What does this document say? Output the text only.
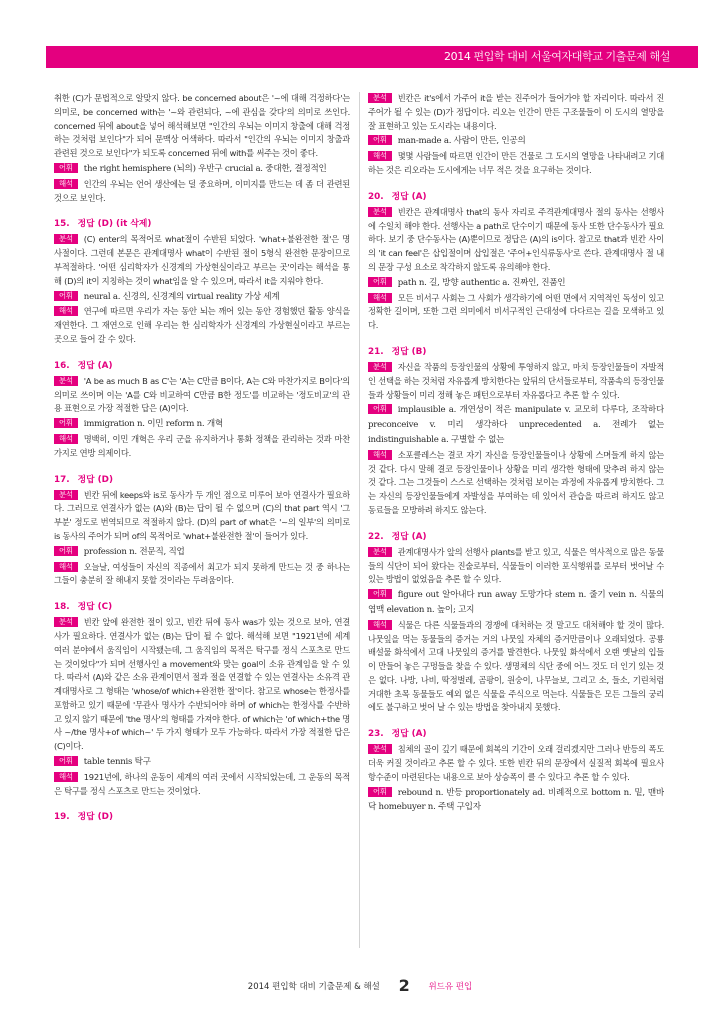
2014 편입학 대비 서울여자대학교 기출문제 해설

취한 (C)가 문법적으로 알맞지 않다. be concerned about은 '~에 대해 걱정하다'는 의미로, be concerned with는 '~와 관련되다, ~에 관심을 갖다'의 의미로 쓰인다. concerned 뒤에 about을 넣어 해석해보면 "인간의 우뇌는 이미지 창출에 대해 걱정하는 것처럼 보인다"가 되어 문맥상 어색하다. 따라서 "인간의 우뇌는 이미지 창출과 관련된 것으로 보인다"가 되도록 concerned 뒤에 with를 써주는 것이 좋다.

어휘 the right hemisphere (뇌의) 우반구 crucial a. 중대한, 결정적인

해석 인간의 우뇌는 언어 생산에는 덜 중요하며, 이미지를 만드는 데 좀 더 관련된 것으로 보인다.

15. 정답 (D) (it 삭제)

분석 (C) enter의 목적어로 what절이 수반된 되었다. 'what+불완전한 절'은 명사절이다. 그런데 본문은 관계대명사 what이 수반된 절이 5형식 완전한 문장이므로 부적절하다. '어떤 심리학자가 신경계의 가상현실이라고 부르는 곳'이라는 해석을 통해 (D)의 it이 지칭하는 것이 what임을 알 수 있으며, 따라서 it을 지워야 한다.

어휘 neural a. 신경의, 신경계의 virtual reality 가상 세계

해석 연구에 따르면 우리가 자는 동안 뇌는 깨어 있는 동안 경험했던 활동 양식을 재연한다. 그 재연으로 인해 우리는 한 심리학자가 신경계의 가상현실이라고 부르는 곳으로 들어 갈 수 있다.

16. 정답 (A)

분석 'A be as much B as C'는 'A는 C만큼 B이다, A는 C와 마찬가지로 B이다'의 의미로 쓰이며 이는 'A를 C와 비교하여 C만큼 B한 정도'를 비교하는 '정도비교'의 관용 표현으로 가장 적절한 답은 (A)이다.

어휘 immigration n. 이민 reform n. 개혁

해석 명백히, 이민 개혁은 우리 군을 유지하거나 통화 정책을 관리하는 것과 마찬가지로 연방 의제이다.

17. 정답 (D)

분석 빈칸 뒤에 keeps와 is로 동사가 두 개인 점으로 미루어 보아 연결사가 필요하다. 그러므로 연결사가 없는 (A)와 (B)는 답이 될 수 없으며 (C)의 that part 역시 '그 부분' 정도로 번역되므로 적절하지 않다. (D)의 part of what은 '~의 일부'의 의미로 is 동사의 주어가 되며 of의 목적어로 'what+불완전한 절'이 들어가 있다.

어휘 profession n. 전문직, 직업

해석 오늘날, 여성들이 자신의 직종에서 최고가 되지 못하게 만드는 것 중 하나는 그들이 충분히 잘 해내지 못할 것이라는 두려움이다.

18. 정답 (C)

분석 빈칸 앞에 완전한 절이 있고, 빈칸 뒤에 동사 was가 있는 것으로 보아, 연결사가 필요하다. 연결사가 없는 (B)는 답이 될 수 없다. 해석해 보면 "1921년에 세계 여러 분야에서 움직임이 시작됐는데, 그 움직임의 목적은 탁구를 정식 스포츠로 만드는 것이었다"가 되며 선행사인 a movement와 맞는 goal이 소유 관계임을 알 수 있다. 따라서 (A)와 같은 소유 관계이면서 절과 절을 연결할 수 있는 연결사는 소유격 관계대명사로 그 형태는 'whose/of which+완전한 절'이다. 참고로 whose는 한정사를 포함하고 있기 때문에 '무관사 명사가 수반되어야 하며 of which는 한정사를 수반하고 있지 않기 때문에 'the 명사'의 형태를 가져야 한다. of which는 'of which+the 명사 ~/the 명사+of which~' 두 가지 형태가 모두 가능하다. 따라서 가장 적절한 답은 (C)이다.

어휘 table tennis 탁구

해석 1921년에, 하나의 운동이 세계의 여러 곳에서 시작되었는데, 그 운동의 목적은 탁구를 정식 스포츠로 만드는 것이었다.

19. 정답 (D)

분석 빈칸은 it's에서 가주어 it을 받는 진주어가 들어가야 할 자리이다. 따라서 진주어가 될 수 있는 (D)가 정답이다. 리오는 인간이 만든 구조물들이 이 도시의 열망을 잘 표현하고 있는 도시라는 내용이다.

어휘 man-made a. 사람이 만든, 인공의

해석 몇몇 사람들에 따르면 인간이 만든 건물로 그 도시의 열망을 나타내려고 기대하는 것은 리오라는 도시에게는 너무 적은 것을 요구하는 것이다.

20. 정답 (A)

분석 빈칸은 관계대명사 that의 동사 자리로 주격관계대명사 절의 동사는 선행사에 수일치 해야 한다. 선행사는 a path로 단수이기 때문에 동사 또한 단수동사가 필요하다. 보기 중 단수동사는 (A)뿐이므로 정답은 (A)의 is이다. 참고로 that과 빈칸 사이의 'it can feel'은 삽입절이며 삽입절은 '주어+인식류동사'로 쓴다. 관계대명사 절 내의 문장 구성 요소로 착각하지 않도록 유의해야 한다.

어휘 path n. 길, 방향 authentic a. 진짜인, 진품인

해석 모든 비서구 사회는 그 사회가 생각하기에 어떤 면에서 지역적인 독성이 있고 정확한 길이며, 또한 그런 의미에서 비서구적인 근대성에 다다르는 길을 모색하고 있다.

21. 정답 (B)

분석 자신을 작품의 등장인물의 상황에 투영하지 않고, 마치 등장인물들이 자발적인 선택을 하는 것처럼 자유롭게 방치한다는 앞뒤의 단서들로부터, 작품속의 등장인물들과 상황들이 미리 정해 놓은 패턴으로부터 자유롭다고 추론 할 수 있다.

어휘 implausible a. 개연성이 적은 manipulate v. 교모히 다루다, 조작하다 preconceive v. 미리 생각하다 unprecedented a. 전례가 없는 indistinguishable a. 구별할 수 없는

해석 소포클레스는 결코 자기 자신을 등장인물들이나 상황에 스며들게 하지 않는 것 같다. 다시 말해 결코 등장인물이나 상황을 미리 생각한 형태에 맞추려 하지 않는 것 같다. 그는 그것들이 스스로 선택하는 것처럼 보이는 과정에 자유롭게 방치한다. 그는 자신의 등장인물들에게 자발성을 부여하는 데 있어서 관습을 따르려 하지도 않고 동료들을 모방하려 하지도 않는다.

22. 정답 (A)

분석 관계대명사가 앞의 선행사 plants를 받고 있고, 식물은 역사적으로 많은 동물들의 식단이 되어 왔다는 진술로부터, 식물들이 이러한 포식행위를 로부터 벗어날 수 있는 방법이 없었음을 추론 할 수 있다.

어휘 figure out 알아내다 run away 도망가다 stem n. 줄기 vein n. 식물의 엽맥 elevation n. 높이; 고지

해석 식물은 다른 식물들과의 경쟁에 대처하는 것 말고도 대처해야 할 것이 많다. 나뭇잎을 먹는 동물들의 증거는 거의 나뭇잎 자체의 증거만큼이나 오래되었다. 공룡 배설물 화석에서 고대 나뭇잎의 증거를 발견한다. 나뭇잎 화석에서 오랜 옛날의 입들이 만들어 놓은 구멍들을 찾을 수 있다. 생명체의 식단 중에 어느 것도 더 인기 있는 것은 없다. 나방, 나비, 딱정벌레, 곰팡이, 원숭이, 나무늘보, 그리고 소, 들소, 기린처럼 거대한 초목 동물들도 예외 없은 식물을 주식으로 먹는다. 식물들은 모든 그들의 궁리에도 불구하고 벗어 날 수 있는 방법을 찾아내지 못했다.

23. 정답 (A)

분석 침체의 골이 깊기 때문에 회복의 기간이 오래 걸리겠지만 그러나 반등의 폭도 더욱 커질 것이라고 추론 할 수 있다. 또한 빈칸 뒤의 문장에서 실질적 회복에 필요사항수준이 마련된다는 내용으로 보아 상승폭이 클 수 있다고 추론 할 수 있다.

어휘 rebound n. 반등 proportionately ad. 비례적으로 bottom n. 밑, 맨바닥 homebuyer n. 주택 구입자

2014 편입학 대비 기출문제 & 해설 2 위드유 편입
